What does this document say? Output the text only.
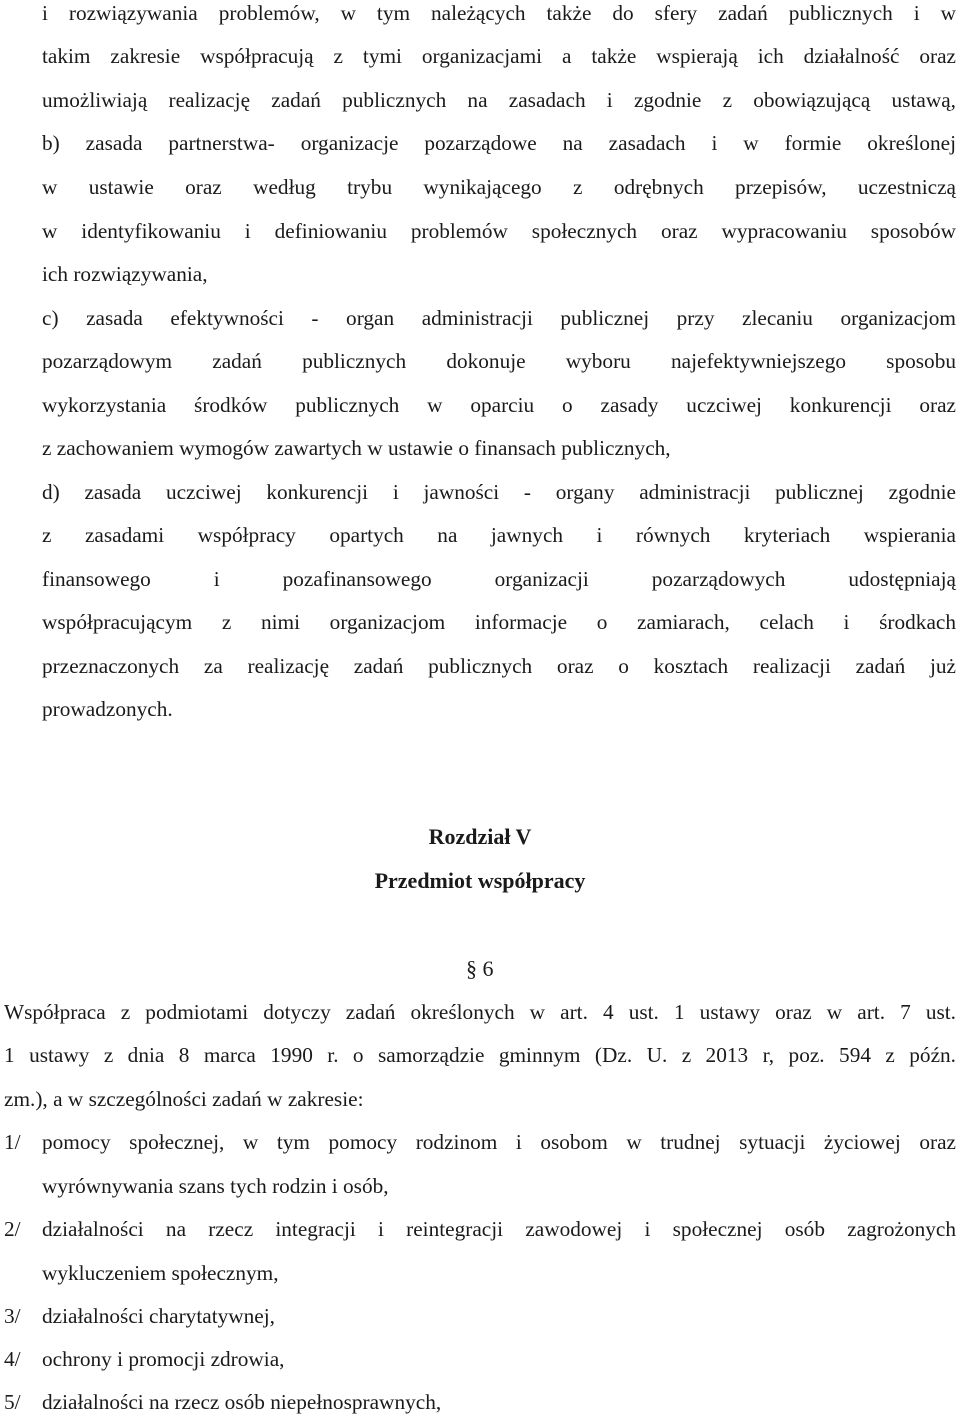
i rozwiązywania problemów, w tym należących także do sfery zadań publicznych i w
takim zakresie współpracują z tymi organizacjami a także wspierają ich działalność oraz
umożliwiają realizację zadań publicznych na zasadach i zgodnie z obowiązującą ustawą,
b) zasada partnerstwa- organizacje pozarządowe na zasadach i w formie określonej
w ustawie oraz według trybu wynikającego z odrębnych przepisów, uczestniczą
w identyfikowaniu i definiowaniu problemów społecznych oraz wypracowaniu sposobów
ich rozwiązywania,
c) zasada efektywności - organ administracji publicznej przy zlecaniu organizacjom
pozarządowym zadań publicznych dokonuje wyboru najefektywniejszego sposobu
wykorzystania środków publicznych w oparciu o zasady uczciwej konkurencji oraz
z zachowaniem wymogów zawartych w ustawie o finansach publicznych,
d) zasada uczciwej konkurencji i jawności - organy administracji publicznej zgodnie
z zasadami współpracy opartych na jawnych i równych kryteriach wspierania
finansowego i pozafinansowego organizacji pozarządowych udostępniają
współpracującym z nimi organizacjom informacje o zamiarach, celach i środkach
przeznaczonych za realizację zadań publicznych oraz o kosztach realizacji zadań już
prowadzonych.
Rozdział V
Przedmiot współpracy
§ 6
Współpraca z podmiotami dotyczy zadań określonych w art. 4 ust. 1 ustawy oraz w art. 7 ust.
1 ustawy z dnia 8 marca 1990 r. o samorządzie gminnym (Dz. U. z 2013 r, poz. 594 z późn.
zm.), a w szczególności zadań w zakresie:
1/ pomocy społecznej, w tym pomocy rodzinom i osobom w trudnej sytuacji życiowej oraz
wyrównywania szans tych rodzin i osób,
2/ działalności na rzecz integracji i reintegracji zawodowej i społecznej osób zagrożonych
wykluczeniem społecznym,
3/ działalności charytatywnej,
4/ ochrony i promocji zdrowia,
5/ działalności na rzecz osób niepełnosprawnych,
